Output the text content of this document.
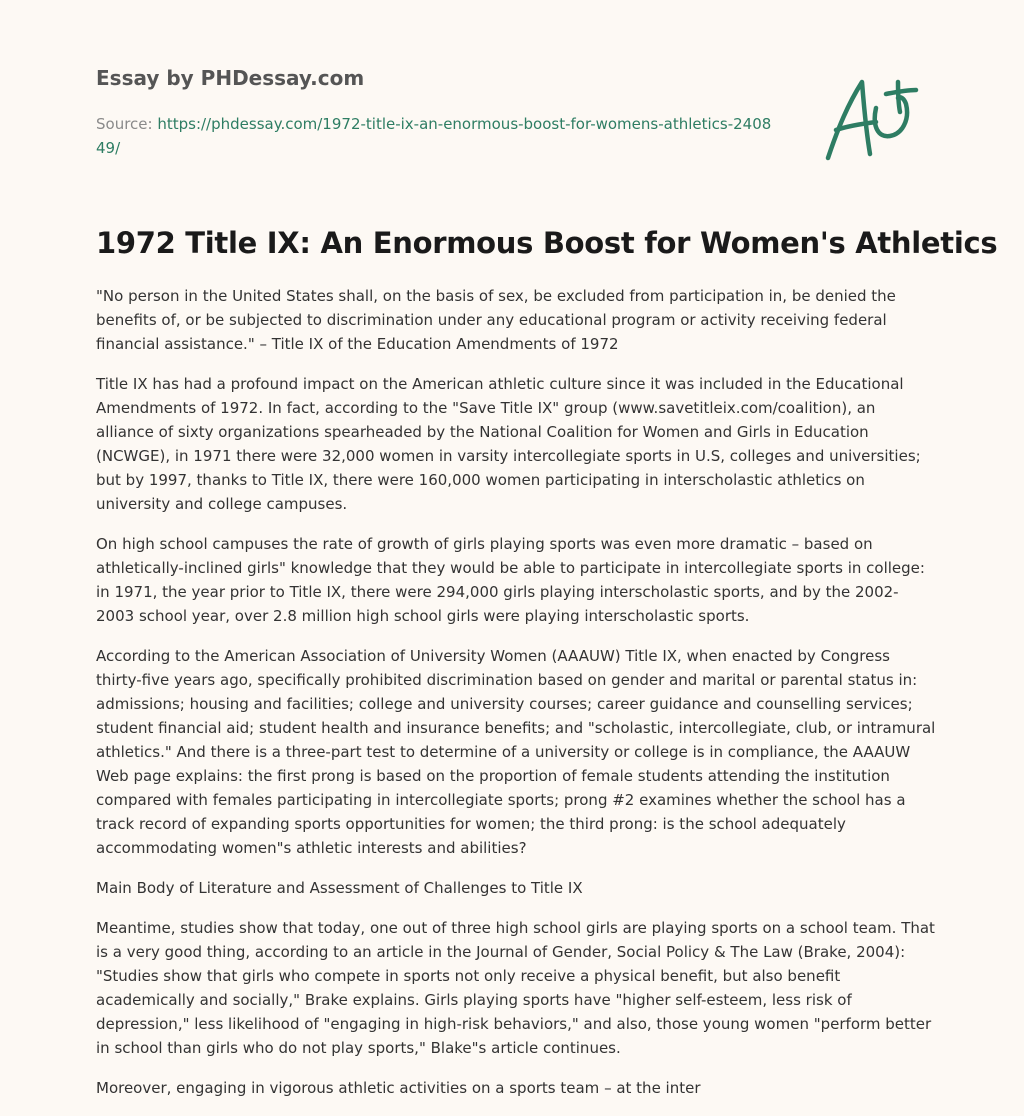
Essay by PHDessay.com
Source: https://phdessay.com/1972-title-ix-an-enormous-boost-for-womens-athletics-240849/
1972 Title IX: An Enormous Boost for Women's Athletics

"No person in the United States shall, on the basis of sex, be excluded from participation in, be denied the benefits of, or be subjected to discrimination under any educational program or activity receiving federal financial assistance." – Title IX of the Education Amendments of 1972

Title IX has had a profound impact on the American athletic culture since it was included in the Educational Amendments of 1972. In fact, according to the "Save Title IX" group (www.savetitleix.com/coalition), an alliance of sixty organizations spearheaded by the National Coalition for Women and Girls in Education (NCWGE), in 1971 there were 32,000 women in varsity intercollegiate sports in U.S, colleges and universities; but by 1997, thanks to Title IX, there were 160,000 women participating in interscholastic athletics on university and college campuses.

On high school campuses the rate of growth of girls playing sports was even more dramatic – based on athletically-inclined girls" knowledge that they would be able to participate in intercollegiate sports in college: in 1971, the year prior to Title IX, there were 294,000 girls playing interscholastic sports, and by the 2002-2003 school year, over 2.8 million high school girls were playing interscholastic sports.

According to the American Association of University Women (AAAUW) Title IX, when enacted by Congress thirty-five years ago, specifically prohibited discrimination based on gender and marital or parental status in: admissions; housing and facilities; college and university courses; career guidance and counselling services; student financial aid; student health and insurance benefits; and "scholastic, intercollegiate, club, or intramural athletics." And there is a three-part test to determine of a university or college is in compliance, the AAAUW Web page explains: the first prong is based on the proportion of female students attending the institution compared with females participating in intercollegiate sports; prong #2 examines whether the school has a track record of expanding sports opportunities for women; the third prong: is the school adequately accommodating women"s athletic interests and abilities?

Main Body of Literature and Assessment of Challenges to Title IX

Meantime, studies show that today, one out of three high school girls are playing sports on a school team. That is a very good thing, according to an article in the Journal of Gender, Social Policy & The Law (Brake, 2004): "Studies show that girls who compete in sports not only receive a physical benefit, but also benefit academically and socially," Brake explains. Girls playing sports have "higher self-esteem, less risk of depression," less likelihood of "engaging in high-risk behaviors," and also, those young women "perform better in school than girls who do not play sports," Blake"s article continues.

Moreover, engaging in vigorous athletic activities on a sports team – at the inter
